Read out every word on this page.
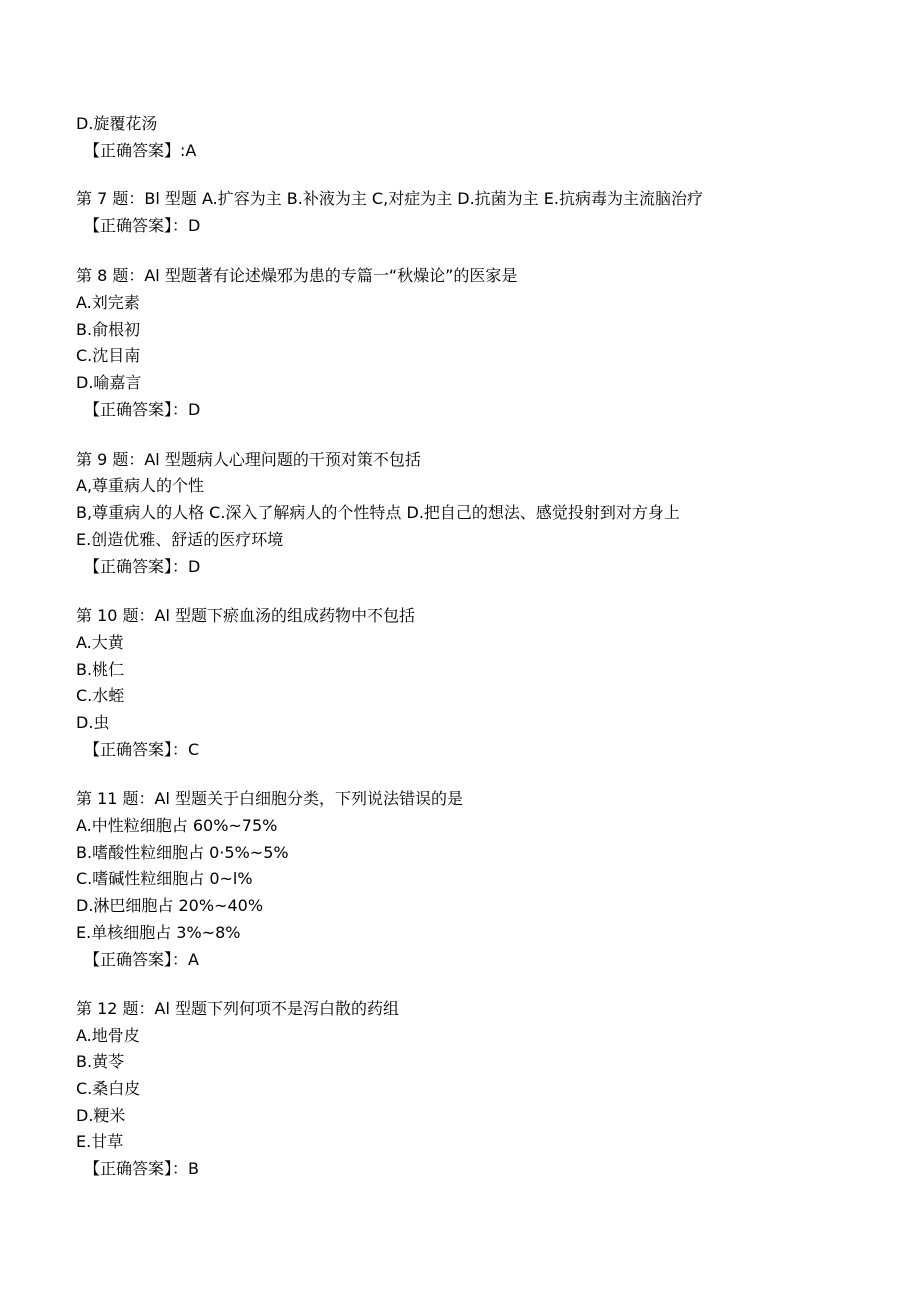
D.旋覆花汤
【正确答案】:A
第 7 题：Bl 型题 A.扩容为主 B.补液为主 C,对症为主 D.抗菌为主 E.抗病毒为主流脑治疗
【正确答案】：D
第 8 题：Al 型题著有论述燥邪为患的专篇一“秋燥论”的医家是
A.刘完素
B.俞根初
C.沈目南
D.喻嘉言
【正确答案】：D
第 9 题：Al 型题病人心理问题的干预对策不包括
A,尊重病人的个性
B,尊重病人的人格 C.深入了解病人的个性特点 D.把自己的想法、感觉投射到对方身上
E.创造优雅、舒适的医疗环境
【正确答案】：D
第 10 题：Al 型题下瘀血汤的组成药物中不包括
A.大黄
B.桃仁
C.水蛭
D.虫
【正确答案】：C
第 11 题：Al 型题关于白细胞分类，下列说法错误的是
A.中性粒细胞占 60%~75%
B.嗜酸性粒细胞占 0·5%~5%
C.嗜碱性粒细胞占 0~l%
D.淋巴细胞占 20%~40%
E.单核细胞占 3%~8%
【正确答案】：A
第 12 题：Al 型题下列何项不是泻白散的药组
A.地骨皮
B.黄苓
C.桑白皮
D.粳米
E.甘草
【正确答案】：B
